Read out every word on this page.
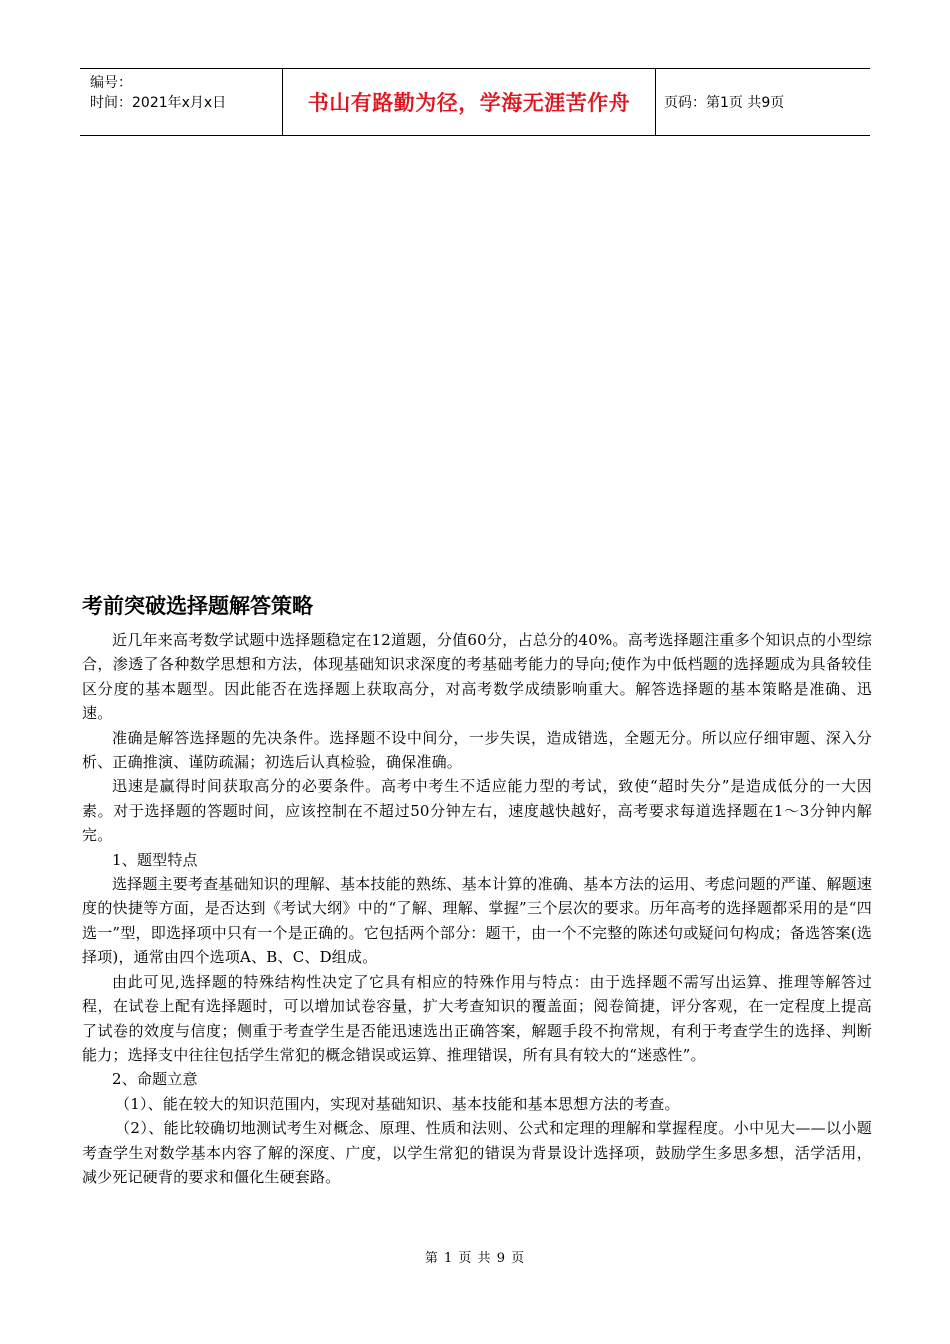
编号：
时间：2021年x月x日	书山有路勤为径，学海无涯苦作舟	页码：第1页 共9页
考前突破选择题解答策略

近几年来高考数学试题中选择题稳定在12道题，分值60分，占总分的40%。高考选择题注重多个知识点的小型综合，渗透了各种数学思想和方法，体现基础知识求深度的考基础考能力的导向;使作为中低档题的选择题成为具备较佳区分度的基本题型。因此能否在选择题上获取高分，对高考数学成绩影响重大。解答选择题的基本策略是准确、迅速。

准确是解答选择题的先决条件。选择题不设中间分，一步失误，造成错选，全题无分。所以应仔细审题、深入分析、正确推演、谨防疏漏；初选后认真检验，确保准确。

迅速是赢得时间获取高分的必要条件。高考中考生不适应能力型的考试，致使“超时失分”是造成低分的一大因素。对于选择题的答题时间，应该控制在不超过50分钟左右，速度越快越好，高考要求每道选择题在1～3分钟内解完。

1、题型特点

选择题主要考查基础知识的理解、基本技能的熟练、基本计算的准确、基本方法的运用、考虑问题的严谨、解题速度的快捷等方面，是否达到《考试大纲》中的“了解、理解、掌握”三个层次的要求。历年高考的选择题都采用的是“四选一”型，即选择项中只有一个是正确的。它包括两个部分：题干，由一个不完整的陈述句或疑问句构成；备选答案(选择项)，通常由四个选项A、B、C、D组成。

由此可见,选择题的特殊结构性决定了它具有相应的特殊作用与特点：由于选择题不需写出运算、推理等解答过程，在试卷上配有选择题时，可以增加试卷容量，扩大考查知识的覆盖面；阅卷简捷，评分客观，在一定程度上提高了试卷的效度与信度；侧重于考查学生是否能迅速选出正确答案，解题手段不拘常规，有利于考查学生的选择、判断能力；选择支中往往包括学生常犯的概念错误或运算、推理错误，所有具有较大的“迷惑性”。

2、命题立意

（1）、能在较大的知识范围内，实现对基础知识、基本技能和基本思想方法的考查。

（2）、能比较确切地测试考生对概念、原理、性质和法则、公式和定理的理解和掌握程度。小中见大——以小题考查学生对数学基本内容了解的深度、广度，以学生常犯的错误为背景设计选择项，鼓励学生多思多想，活学活用，减少死记硬背的要求和僵化生硬套路。

第 1 页 共 9 页
